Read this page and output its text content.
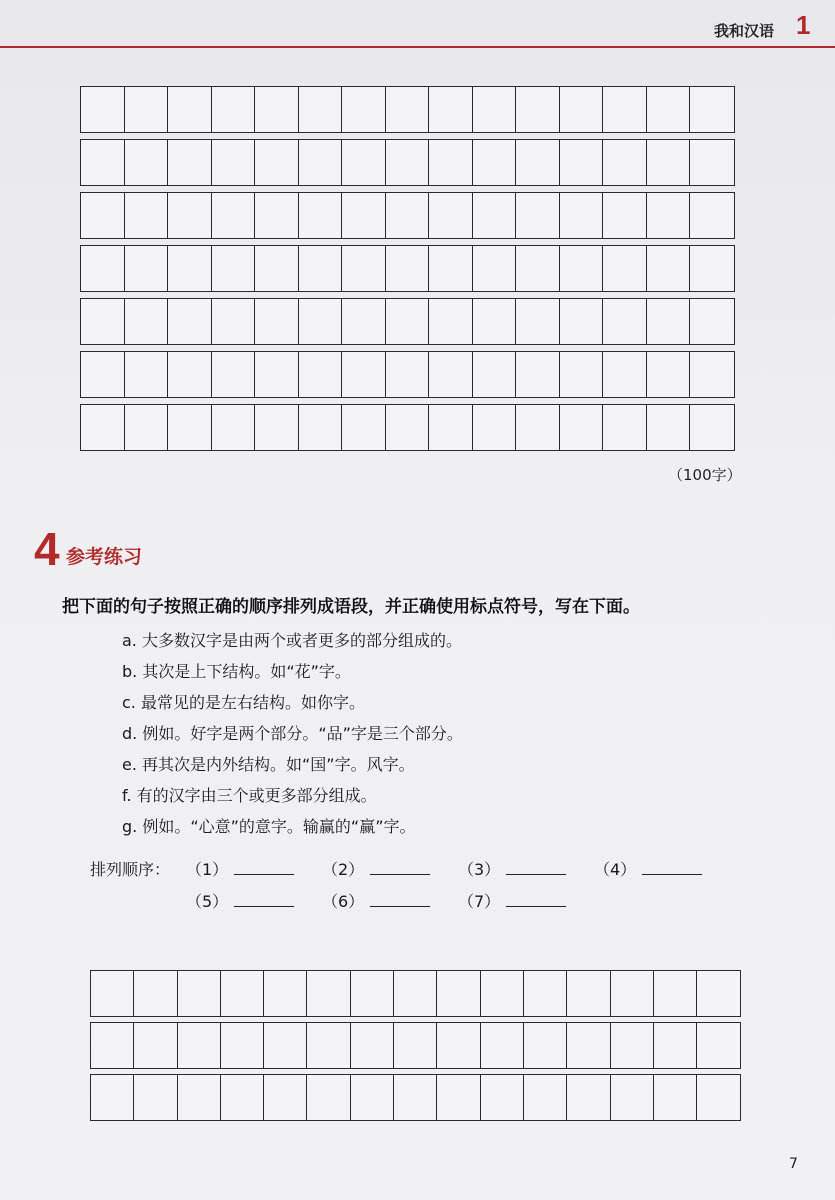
我和汉语 1
（100字）
4 参考练习
把下面的句子按照正确的顺序排列成语段，并正确使用标点符号，写在下面。
a. 大多数汉字是由两个或者更多的部分组成的。
b. 其次是上下结构。如“花”字。
c. 最常见的是左右结构。如你字。
d. 例如。好字是两个部分。“品”字是三个部分。
e. 再其次是内外结构。如“国”字。风字。
f. 有的汉字由三个或更多部分组成。
g. 例如。“心意”的意字。输赢的“赢”字。
排列顺序： （1）	（2）	（3）	（4）
（5）	（6）	（7）
7
